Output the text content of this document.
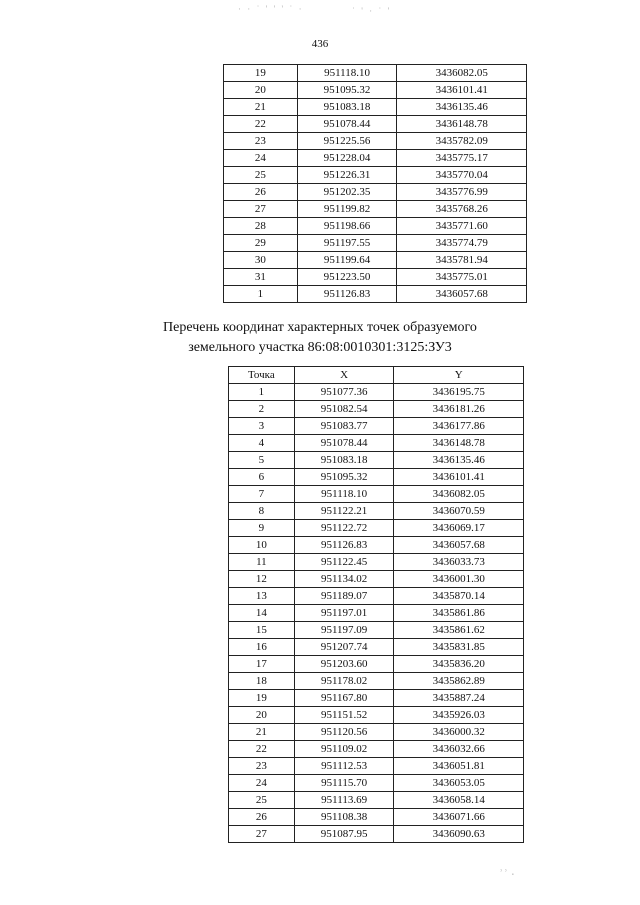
· · ˙ ' ' ' ˙ ·	˙ ' · ˙ '
436
19	951118.10	3436082.05
20	951095.32	3436101.41
21	951083.18	3436135.46
22	951078.44	3436148.78
23	951225.56	3435782.09
24	951228.04	3435775.17
25	951226.31	3435770.04
26	951202.35	3435776.99
27	951199.82	3435768.26
28	951198.66	3435771.60
29	951197.55	3435774.79
30	951199.64	3435781.94
31	951223.50	3435775.01
1	951126.83	3436057.68
Перечень координат характерных точек образуемого
земельного участка 86:08:0010301:3125:ЗУ3
Точка	X	Y
1	951077.36	3436195.75
2	951082.54	3436181.26
3	951083.77	3436177.86
4	951078.44	3436148.78
5	951083.18	3436135.46
6	951095.32	3436101.41
7	951118.10	3436082.05
8	951122.21	3436070.59
9	951122.72	3436069.17
10	951126.83	3436057.68
11	951122.45	3436033.73
12	951134.02	3436001.30
13	951189.07	3435870.14
14	951197.01	3435861.86
15	951197.09	3435861.62
16	951207.74	3435831.85
17	951203.60	3435836.20
18	951178.02	3435862.89
19	951167.80	3435887.24
20	951151.52	3435926.03
21	951120.56	3436000.32
22	951109.02	3436032.66
23	951112.53	3436051.81
24	951115.70	3436053.05
25	951113.69	3436058.14
26	951108.38	3436071.66
27	951087.95	3436090.63
ʾʾ ·
